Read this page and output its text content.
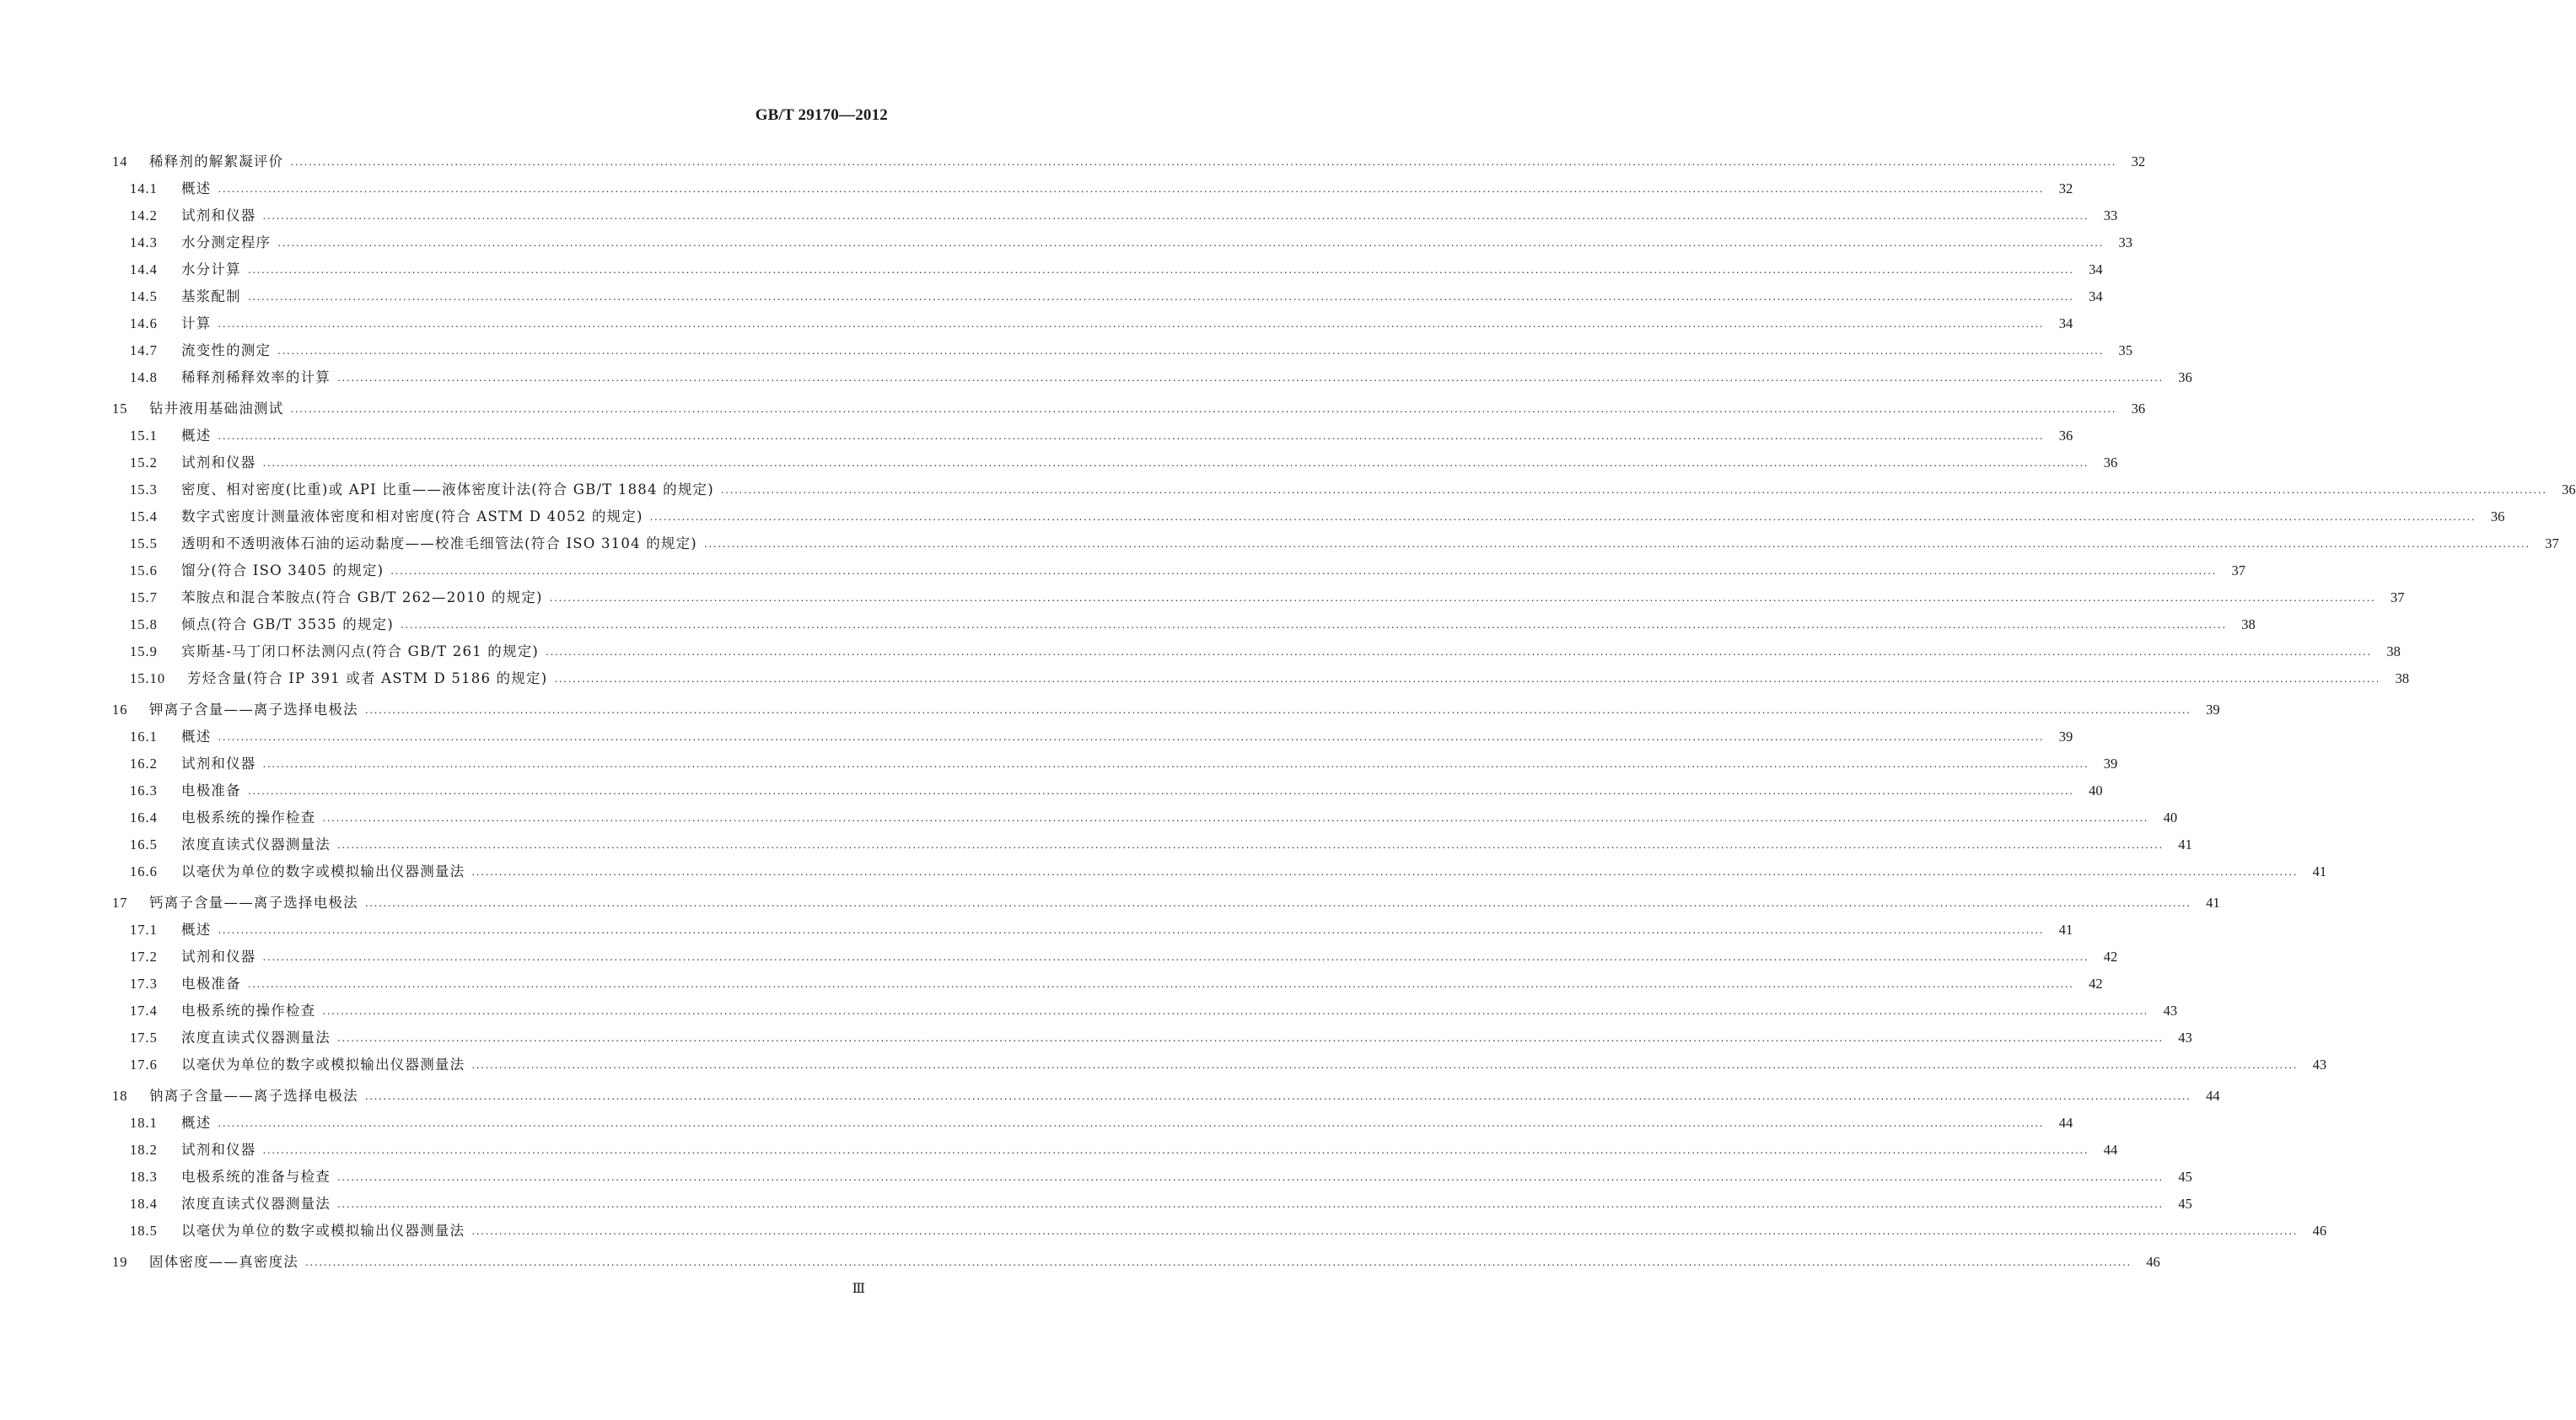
GB/T 29170—2012
14	稀释剂的解絮凝评价 ................................................................................................................................................................................................................................................................................................................................................................................................................	32
14.1	概述 ................................................................................................................................................................................................................................................................................................................................................................................................................	32
14.2	试剂和仪器 ................................................................................................................................................................................................................................................................................................................................................................................................................	33
14.3	水分测定程序 ................................................................................................................................................................................................................................................................................................................................................................................................................	33
14.4	水分计算 ................................................................................................................................................................................................................................................................................................................................................................................................................	34
14.5	基浆配制 ................................................................................................................................................................................................................................................................................................................................................................................................................	34
14.6	计算 ................................................................................................................................................................................................................................................................................................................................................................................................................	34
14.7	流变性的测定 ................................................................................................................................................................................................................................................................................................................................................................................................................	35
14.8	稀释剂稀释效率的计算 ................................................................................................................................................................................................................................................................................................................................................................................................................	36
15	钻井液用基础油测试 ................................................................................................................................................................................................................................................................................................................................................................................................................	36
15.1	概述 ................................................................................................................................................................................................................................................................................................................................................................................................................	36
15.2	试剂和仪器 ................................................................................................................................................................................................................................................................................................................................................................................................................	36
15.3	密度、相对密度(比重)或 API 比重——液体密度计法(符合 GB/T 1884 的规定) ................................................................................................................................................................................................................................................................................................................................................................................................................	36
15.4	数字式密度计测量液体密度和相对密度(符合 ASTM D 4052 的规定) ................................................................................................................................................................................................................................................................................................................................................................................................................	36
15.5	透明和不透明液体石油的运动黏度——校准毛细管法(符合 ISO 3104 的规定) ................................................................................................................................................................................................................................................................................................................................................................................................................	37
15.6	馏分(符合 ISO 3405 的规定) ................................................................................................................................................................................................................................................................................................................................................................................................................	37
15.7	苯胺点和混合苯胺点(符合 GB/T 262—2010 的规定) ................................................................................................................................................................................................................................................................................................................................................................................................................	37
15.8	倾点(符合 GB/T 3535 的规定) ................................................................................................................................................................................................................................................................................................................................................................................................................	38
15.9	宾斯基-马丁闭口杯法测闪点(符合 GB/T 261 的规定) ................................................................................................................................................................................................................................................................................................................................................................................................................	38
15.10	芳烃含量(符合 IP 391 或者 ASTM D 5186 的规定) ................................................................................................................................................................................................................................................................................................................................................................................................................	38
16	钾离子含量——离子选择电极法 ................................................................................................................................................................................................................................................................................................................................................................................................................	39
16.1	概述 ................................................................................................................................................................................................................................................................................................................................................................................................................	39
16.2	试剂和仪器 ................................................................................................................................................................................................................................................................................................................................................................................................................	39
16.3	电极准备 ................................................................................................................................................................................................................................................................................................................................................................................................................	40
16.4	电极系统的操作检查 ................................................................................................................................................................................................................................................................................................................................................................................................................	40
16.5	浓度直读式仪器测量法 ................................................................................................................................................................................................................................................................................................................................................................................................................	41
16.6	以毫伏为单位的数字或模拟输出仪器测量法 ................................................................................................................................................................................................................................................................................................................................................................................................................	41
17	钙离子含量——离子选择电极法 ................................................................................................................................................................................................................................................................................................................................................................................................................	41
17.1	概述 ................................................................................................................................................................................................................................................................................................................................................................................................................	41
17.2	试剂和仪器 ................................................................................................................................................................................................................................................................................................................................................................................................................	42
17.3	电极准备 ................................................................................................................................................................................................................................................................................................................................................................................................................	42
17.4	电极系统的操作检查 ................................................................................................................................................................................................................................................................................................................................................................................................................	43
17.5	浓度直读式仪器测量法 ................................................................................................................................................................................................................................................................................................................................................................................................................	43
17.6	以毫伏为单位的数字或模拟输出仪器测量法 ................................................................................................................................................................................................................................................................................................................................................................................................................	43
18	钠离子含量——离子选择电极法 ................................................................................................................................................................................................................................................................................................................................................................................................................	44
18.1	概述 ................................................................................................................................................................................................................................................................................................................................................................................................................	44
18.2	试剂和仪器 ................................................................................................................................................................................................................................................................................................................................................................................................................	44
18.3	电极系统的准备与检查 ................................................................................................................................................................................................................................................................................................................................................................................................................	45
18.4	浓度直读式仪器测量法 ................................................................................................................................................................................................................................................................................................................................................................................................................	45
18.5	以毫伏为单位的数字或模拟输出仪器测量法 ................................................................................................................................................................................................................................................................................................................................................................................................................	46
19	固体密度——真密度法 ................................................................................................................................................................................................................................................................................................................................................................................................................	46
Ⅲ
